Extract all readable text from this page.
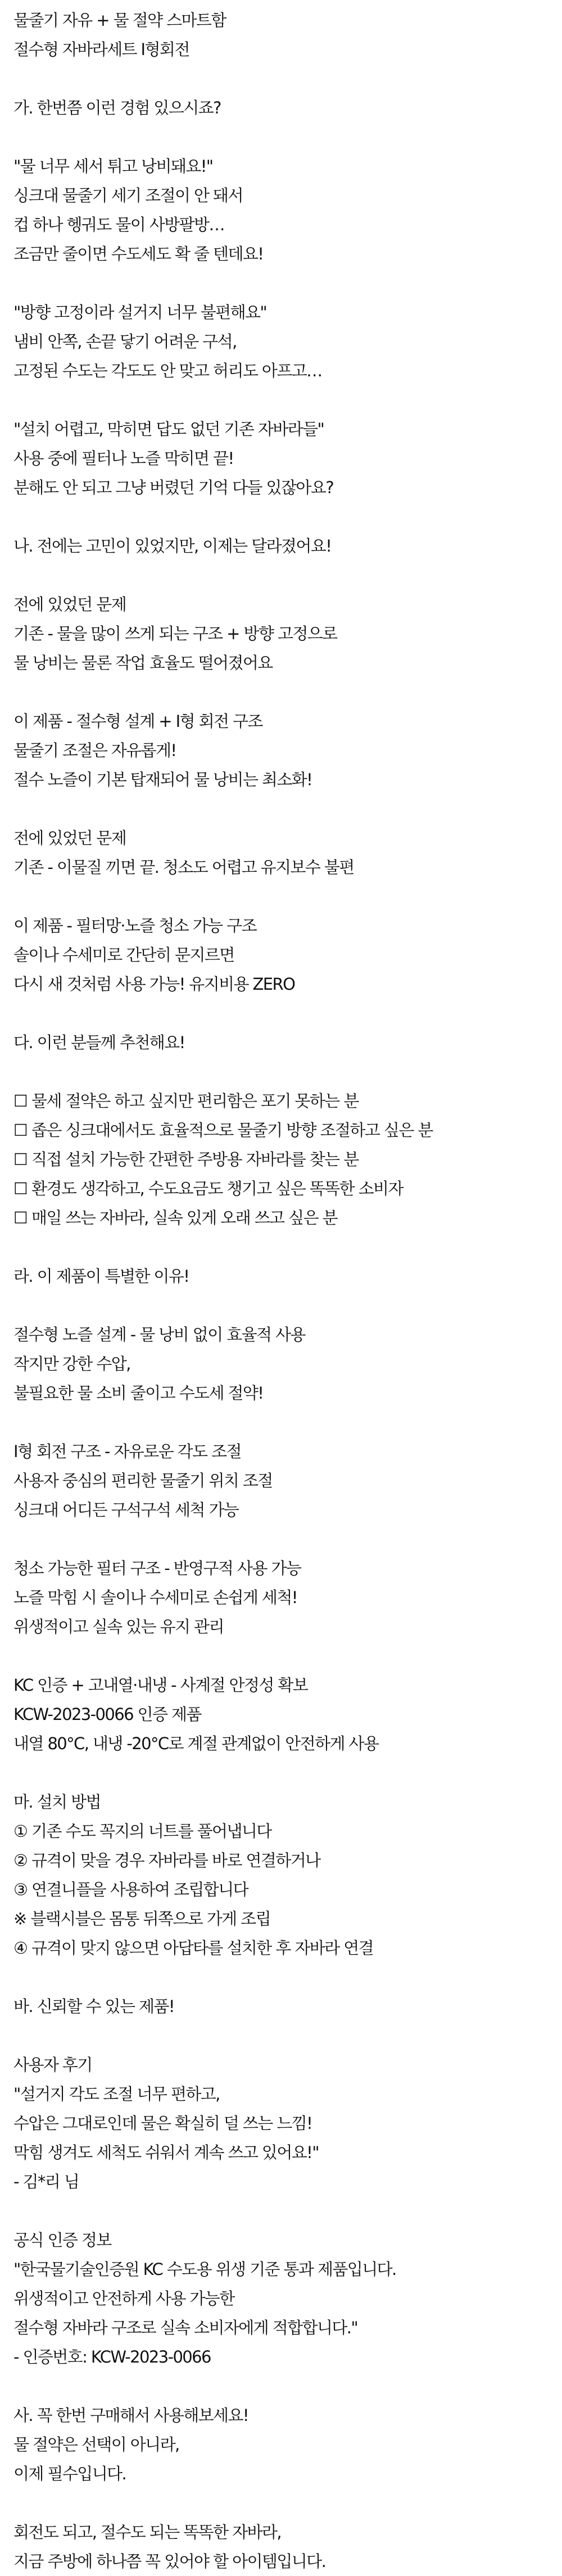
물줄기 자유 + 물 절약 스마트함
절수형 자바라세트 I형회전
가. 한번쯤 이런 경험 있으시죠?
"물 너무 세서 튀고 낭비돼요!"
싱크대 물줄기 세기 조절이 안 돼서
컵 하나 헹궈도 물이 사방팔방…
조금만 줄이면 수도세도 확 줄 텐데요!
"방향 고정이라 설거지 너무 불편해요"
냄비 안쪽, 손끝 닿기 어려운 구석,
고정된 수도는 각도도 안 맞고 허리도 아프고…
"설치 어렵고, 막히면 답도 없던 기존 자바라들"
사용 중에 필터나 노즐 막히면 끝!
분해도 안 되고 그냥 버렸던 기억 다들 있잖아요?
나. 전에는 고민이 있었지만, 이제는 달라졌어요!
전에 있었던 문제
기존 - 물을 많이 쓰게 되는 구조 + 방향 고정으로
물 낭비는 물론 작업 효율도 떨어졌어요
이 제품 - 절수형 설계 + I형 회전 구조
물줄기 조절은 자유롭게!
절수 노즐이 기본 탑재되어 물 낭비는 최소화!
전에 있었던 문제
기존 - 이물질 끼면 끝. 청소도 어렵고 유지보수 불편
이 제품 - 필터망·노즐 청소 가능 구조
솔이나 수세미로 간단히 문지르면
다시 새 것처럼 사용 가능! 유지비용 ZERO
다. 이런 분들께 추천해요!
☐ 물세 절약은 하고 싶지만 편리함은 포기 못하는 분
☐ 좁은 싱크대에서도 효율적으로 물줄기 방향 조절하고 싶은 분
☐ 직접 설치 가능한 간편한 주방용 자바라를 찾는 분
☐ 환경도 생각하고, 수도요금도 챙기고 싶은 똑똑한 소비자
☐ 매일 쓰는 자바라, 실속 있게 오래 쓰고 싶은 분
라. 이 제품이 특별한 이유!
절수형 노즐 설계 - 물 낭비 없이 효율적 사용
작지만 강한 수압,
불필요한 물 소비 줄이고 수도세 절약!
I형 회전 구조 - 자유로운 각도 조절
사용자 중심의 편리한 물줄기 위치 조절
싱크대 어디든 구석구석 세척 가능
청소 가능한 필터 구조 - 반영구적 사용 가능
노즐 막힘 시 솔이나 수세미로 손쉽게 세척!
위생적이고 실속 있는 유지 관리
KC 인증 + 고내열·내냉 - 사계절 안정성 확보
KCW-2023-0066 인증 제품
내열 80°C, 내냉 -20°C로 계절 관계없이 안전하게 사용
마. 설치 방법
① 기존 수도 꼭지의 너트를 풀어냅니다
② 규격이 맞을 경우 자바라를 바로 연결하거나
③ 연결니플을 사용하여 조립합니다
※ 블랙시블은 몸통 뒤쪽으로 가게 조립
④ 규격이 맞지 않으면 아답타를 설치한 후 자바라 연결
바. 신뢰할 수 있는 제품!
사용자 후기
"설거지 각도 조절 너무 편하고,
수압은 그대로인데 물은 확실히 덜 쓰는 느낌!
막힘 생겨도 세척도 쉬워서 계속 쓰고 있어요!"
- 김*리 님
공식 인증 정보
"한국물기술인증원 KC 수도용 위생 기준 통과 제품입니다.
위생적이고 안전하게 사용 가능한
절수형 자바라 구조로 실속 소비자에게 적합합니다."
- 인증번호: KCW-2023-0066
사. 꼭 한번 구매해서 사용해보세요!
물 절약은 선택이 아니라,
이제 필수입니다.
회전도 되고, 절수도 되는 똑똑한 자바라,
지금 주방에 하나쯤 꼭 있어야 할 아이템입니다.
